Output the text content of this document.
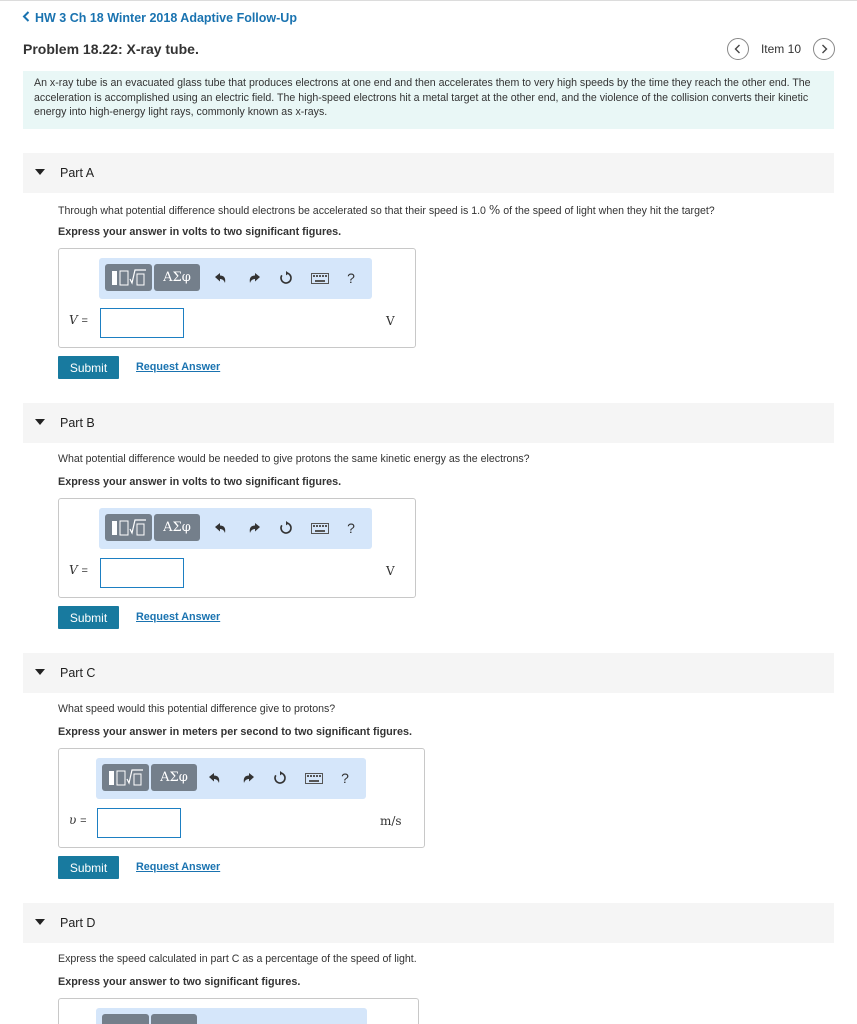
HW 3 Ch 18 Winter 2018 Adaptive Follow-Up
Problem 18.22: X-ray tube.	Item 10
An x-ray tube is an evacuated glass tube that produces electrons at one end and then accelerates them to very high speeds by the time they reach the other end. The acceleration is accomplished using an electric field. The high-speed electrons hit a metal target at the other end, and the violence of the collision converts their kinetic energy into high-energy light rays, commonly known as x-rays.
Part A
Through what potential difference should electrons be accelerated so that their speed is 1.0 % of the speed of light when they hit the target?
Express your answer in volts to two significant figures.
ΑΣφ	?
V =	V
Submit	Request Answer
Part B
What potential difference would be needed to give protons the same kinetic energy as the electrons?
Express your answer in volts to two significant figures.
ΑΣφ	?
V =	V
Submit	Request Answer
Part C
What speed would this potential difference give to protons?
Express your answer in meters per second to two significant figures.
ΑΣφ	?
υ =	m/s
Submit	Request Answer
Part D
Express the speed calculated in part C as a percentage of the speed of light.
Express your answer to two significant figures.
